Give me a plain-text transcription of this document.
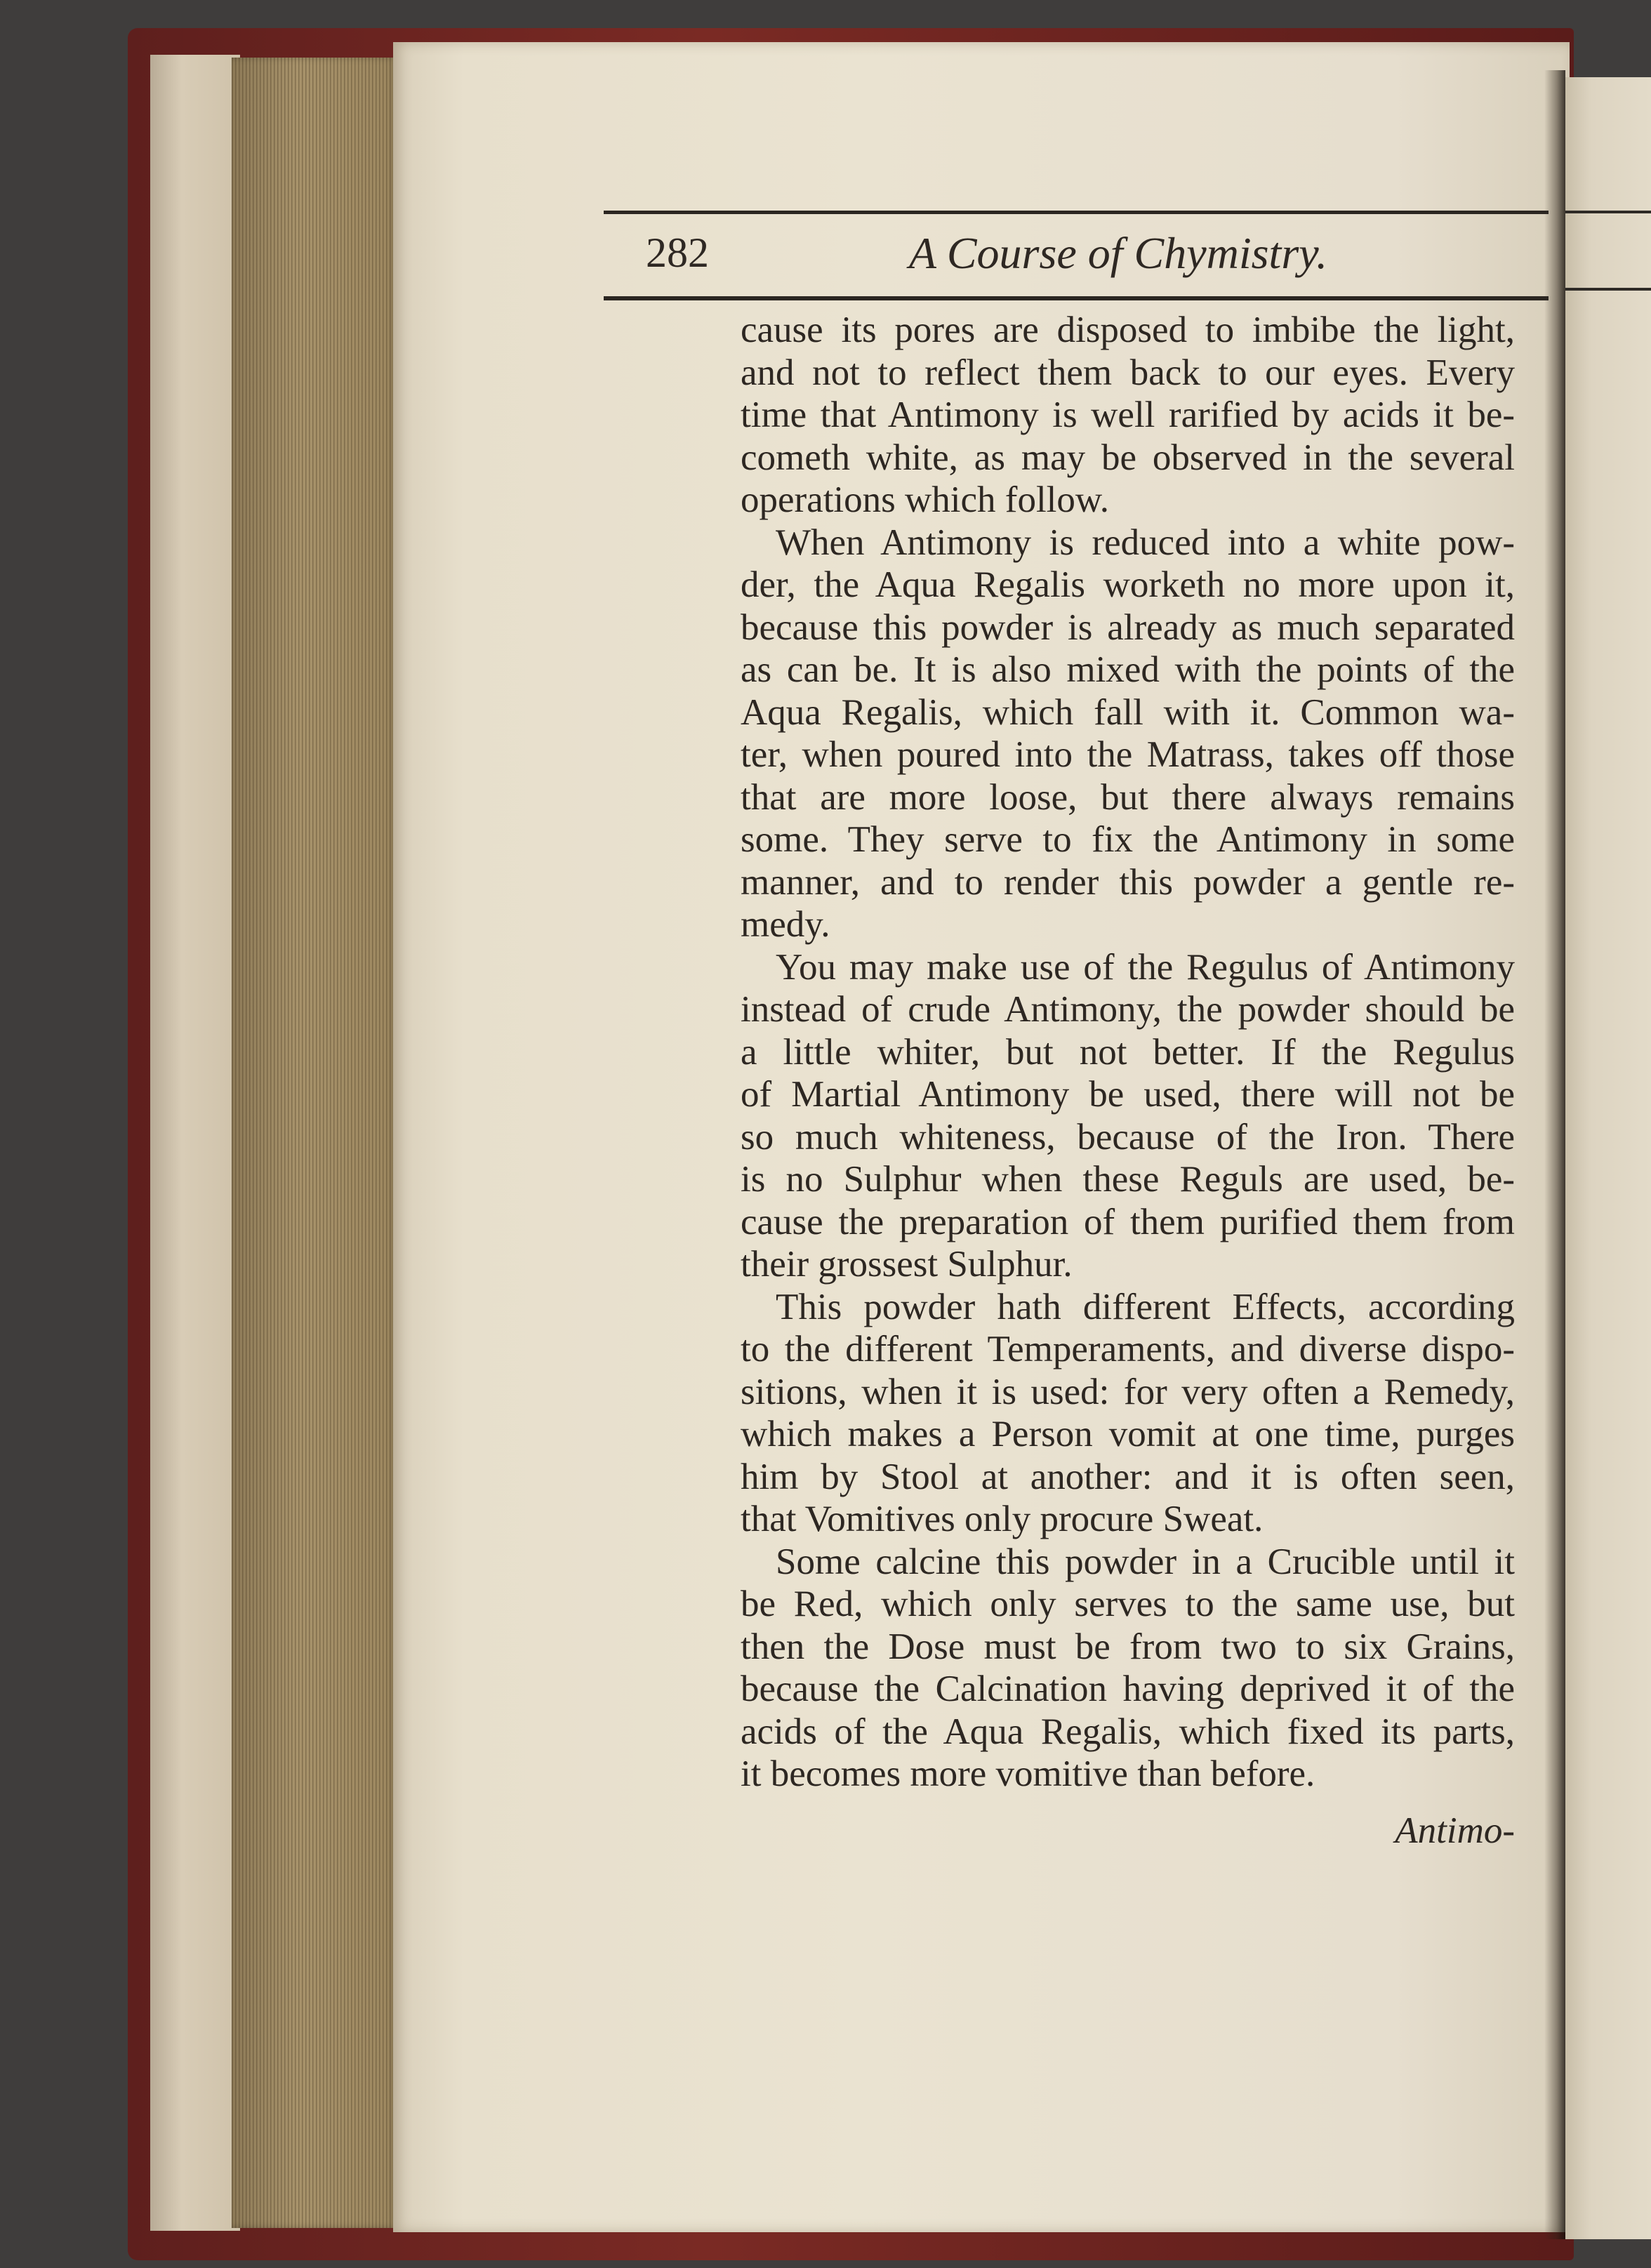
A Course of Chymistry.
282
cause its pores are disposed to imbibe the light,
and not to reflect them back to our eyes. Every
time that Antimony is well rarified by acids it be-
cometh white, as may be observed in the several
operations which follow.
When Antimony is reduced into a white pow-
der, the Aqua Regalis worketh no more upon it,
because this powder is already as much separated
as can be. It is also mixed with the points of the
Aqua Regalis, which fall with it. Common wa-
ter, when poured into the Matrass, takes off those
that are more loose, but there always remains
some. They serve to fix the Antimony in some
manner, and to render this powder a gentle re-
medy.
You may make use of the Regulus of Antimony
instead of crude Antimony, the powder should be
a little whiter, but not better. If the Regulus
of Martial Antimony be used, there will not be
so much whiteness, because of the Iron. There
is no Sulphur when these Reguls are used, be-
cause the preparation of them purified them from
their grossest Sulphur.
This powder hath different Effects, according
to the different Temperaments, and diverse dispo-
sitions, when it is used: for very often a Remedy,
which makes a Person vomit at one time, purges
him by Stool at another: and it is often seen,
that Vomitives only procure Sweat.
Some calcine this powder in a Crucible until it
be Red, which only serves to the same use, but
then the Dose must be from two to six Grains,
because the Calcination having deprived it of the
acids of the Aqua Regalis, which fixed its parts,
it becomes more vomitive than before.
Antimo-
